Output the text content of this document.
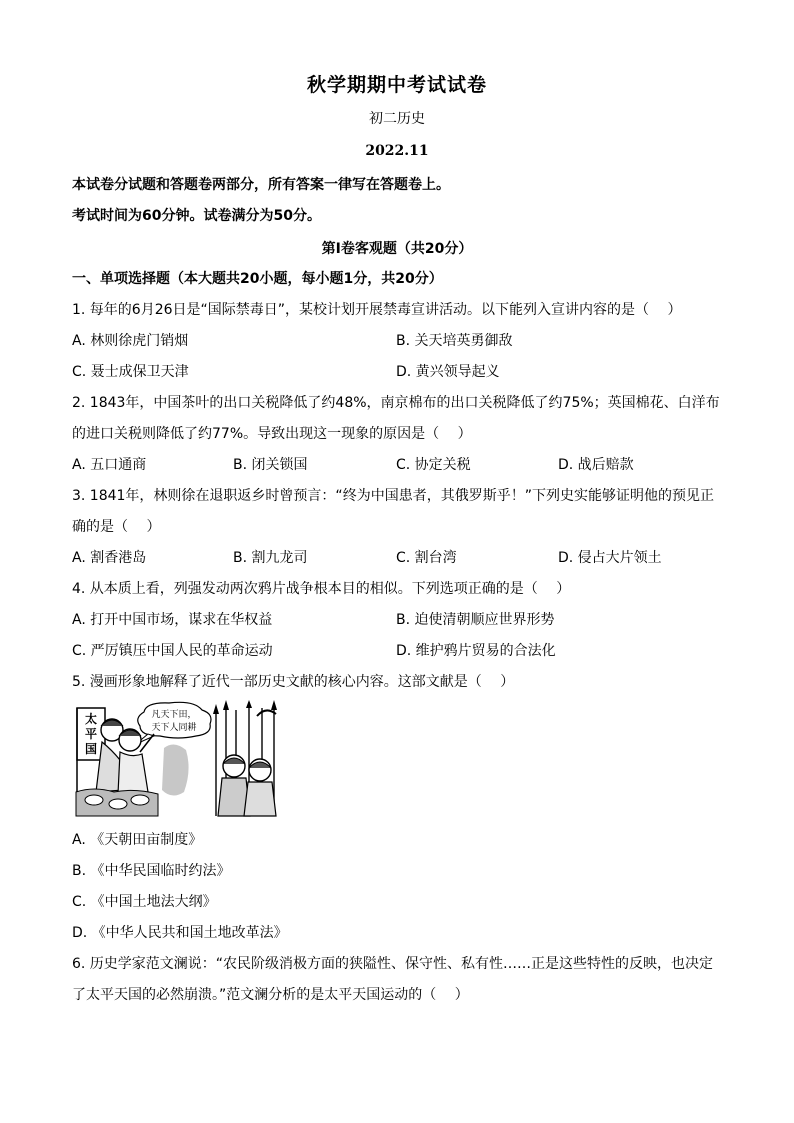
秋学期期中考试试卷
初二历史
2022.11
本试卷分试题和答题卷两部分，所有答案一律写在答题卷上。
考试时间为60分钟。试卷满分为50分。
第Ⅰ卷客观题（共20分）
一、单项选择题（本大题共20小题，每小题1分，共20分）
1. 每年的6月26日是“国际禁毒日”，某校计划开展禁毒宣讲活动。以下能列入宣讲内容的是（　 ）
A. 林则徐虎门销烟	B. 关天培英勇御敌
C. 聂士成保卫天津	D. 黄兴领导起义
2. 1843年，中国茶叶的出口关税降低了约48%，南京棉布的出口关税降低了约75%；英国棉花、白洋布
的进口关税则降低了约77%。导致出现这一现象的原因是（　 ）
A. 五口通商	B. 闭关锁国	C. 协定关税	D. 战后赔款
3. 1841年，林则徐在退职返乡时曾预言：“终为中国患者，其俄罗斯乎！”下列史实能够证明他的预见正
确的是（　 ）
A. 割香港岛	B. 割九龙司	C. 割台湾	D. 侵占大片领土
4. 从本质上看，列强发动两次鸦片战争根本目的相似。下列选项正确的是（　 ）
A. 打开中国市场，谋求在华权益	B. 迫使清朝顺应世界形势
C. 严厉镇压中国人民的革命运动	D. 维护鸦片贸易的合法化
5. 漫画形象地解释了近代一部历史文献的核心内容。这部文献是（　 ）
太
平
国
凡天下田，
天下人同耕
A. 《天朝田亩制度》
B. 《中华民国临时约法》
C. 《中国土地法大纲》
D. 《中华人民共和国土地改革法》
6. 历史学家范文澜说：“农民阶级消极方面的狭隘性、保守性、私有性……正是这些特性的反映，也决定
了太平天国的必然崩溃。”范文澜分析的是太平天国运动的（　 ）
